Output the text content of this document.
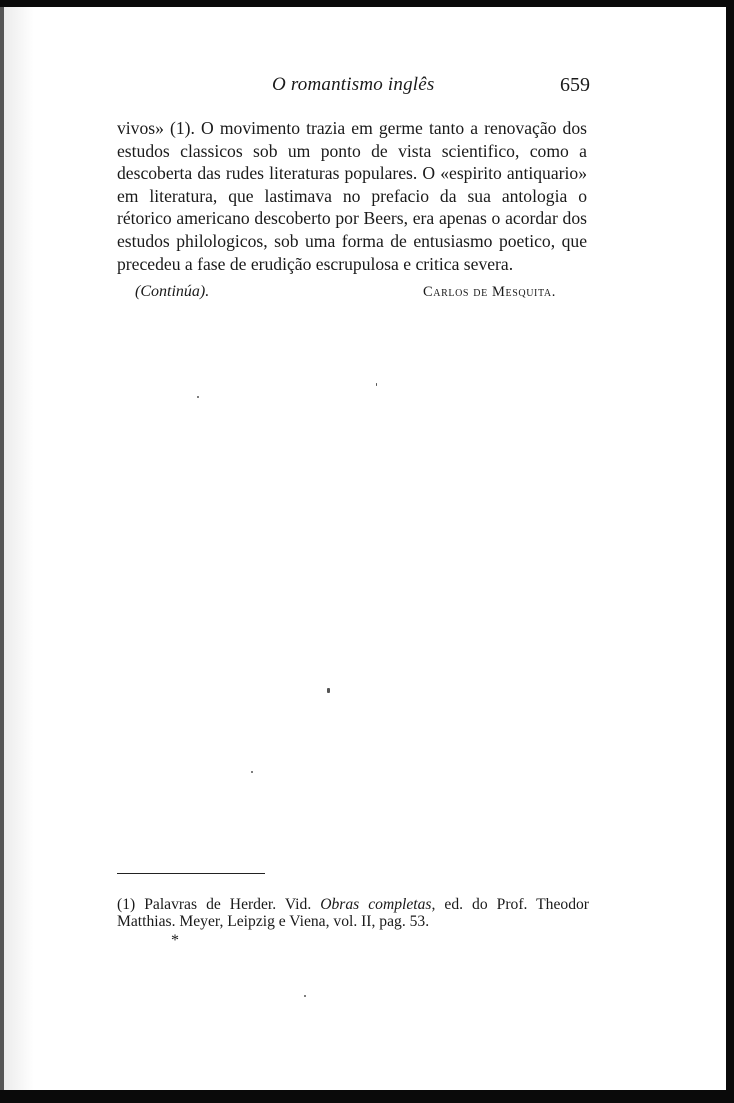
O romantismo inglês	659

vivos» (1). O movimento trazia em germe tanto a renovação dos estudos classicos sob um ponto de vista scientifico, como a descoberta das rudes literaturas populares. O «espirito antiquario» em literatura, que lastimava no prefacio da sua antologia o rétorico americano descoberto por Beers, era apenas o acordar dos estudos philologicos, sob uma forma de entusiasmo poetico, que precedeu a fase de erudição escrupulosa e critica severa.

(Continúa).	Carlos de Mesquita.

(1) Palavras de Herder. Vid. Obras completas, ed. do Prof. Theodor Matthias. Meyer, Leipzig e Viena, vol. II, pag. 53.

*
